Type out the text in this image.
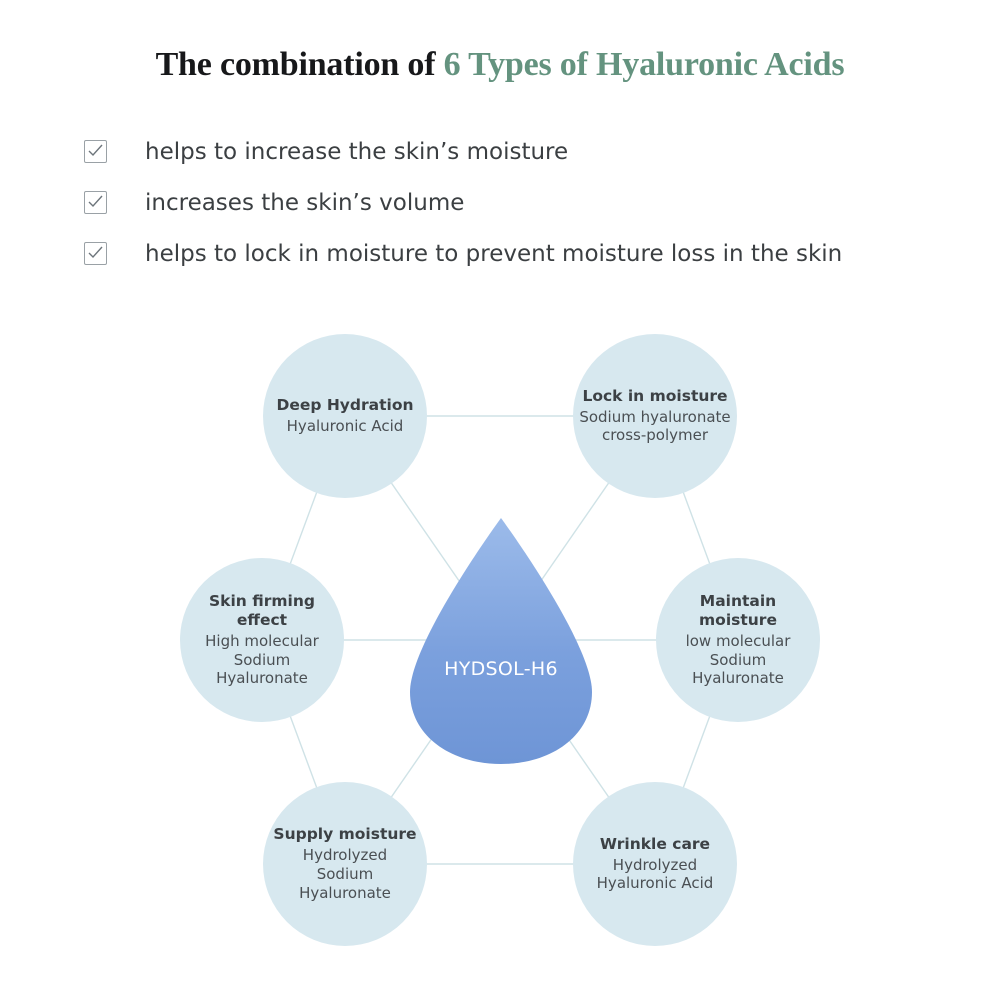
The combination of 6 Types of Hyaluronic Acids
helps to increase the skin’s moisture
increases the skin’s volume
helps to lock in moisture to prevent moisture loss in the skin
HYDSOL-H6
Deep Hydration
Hyaluronic Acid
Lock in moisture
Sodium hyaluronate
cross-polymer
Maintain
moisture
low molecular
Sodium
Hyaluronate
Wrinkle care
Hydrolyzed
Hyaluronic Acid
Supply moisture
Hydrolyzed
Sodium
Hyaluronate
Skin firming
effect
High molecular
Sodium
Hyaluronate
